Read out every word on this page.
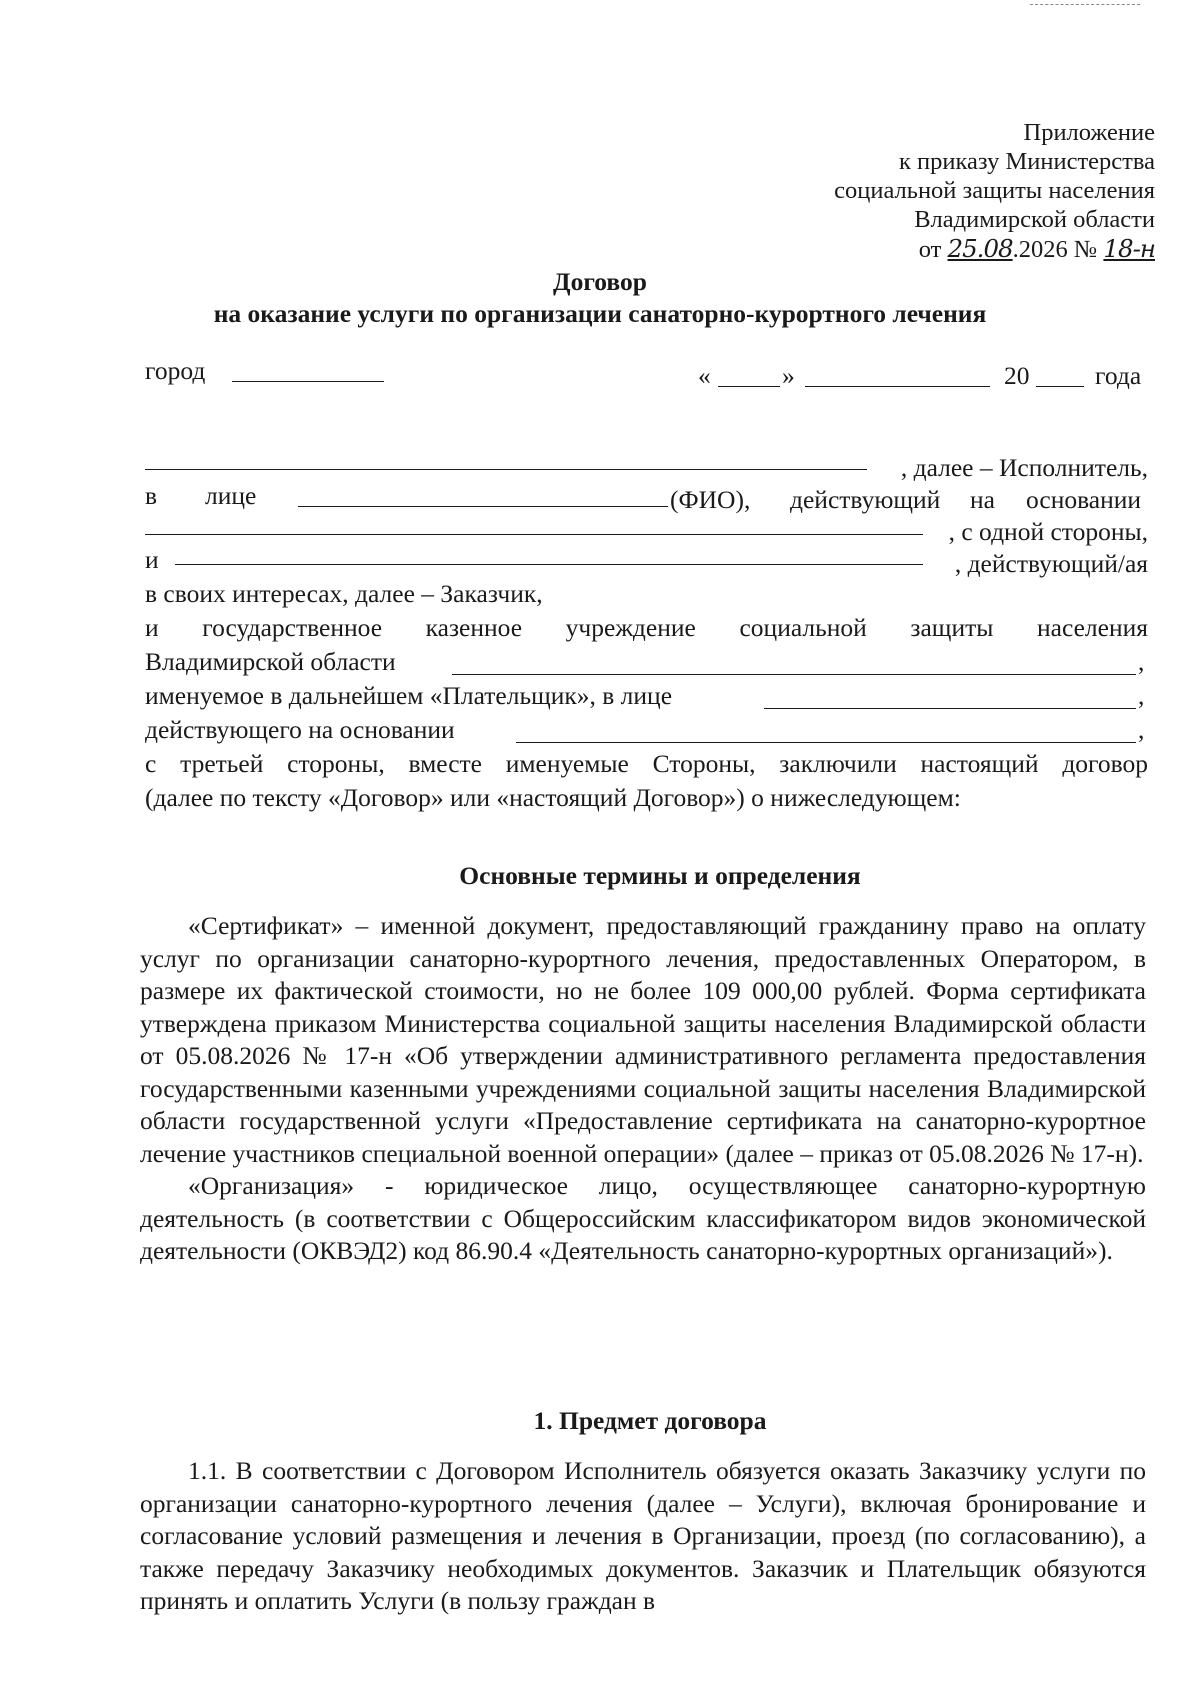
Приложение
к приказу Министерства
социальной защиты населения
Владимирской области
от 25.08.2026 № 18-н
Договор
на оказание услуги по организации санаторно-курортного лечения
город	«	»	20	года
, далее – Исполнитель,
в лице	(ФИО), действующий на основании
, с одной стороны,
и	, действующий/ая
в своих интересах, далее – Заказчик,
и государственное казенное учреждение социальной защиты населения
Владимирской области	,
именуемое в дальнейшем «Плательщик», в лице	,
действующего на основании	,
с третьей стороны, вместе именуемые Стороны, заключили настоящий договор
(далее по тексту «Договор» или «настоящий Договор») о нижеследующем:
Основные термины и определения

«Сертификат» – именной документ, предоставляющий гражданину право на оплату услуг по организации санаторно-курортного лечения, предоставленных Оператором, в размере их фактической стоимости, но не более 109 000,00 рублей. Форма сертификата утверждена приказом Министерства социальной защиты населения Владимирской области от 05.08.2026 № 17-н «Об утверждении административного регламента предоставления государственными казенными учреждениями социальной защиты населения Владимирской области государственной услуги «Предоставление сертификата на санаторно-курортное лечение участников специальной военной операции» (далее – приказ от 05.08.2026 № 17-н).

«Организация» - юридическое лицо, осуществляющее санаторно-курортную деятельность (в соответствии с Общероссийским классификатором видов экономической деятельности (ОКВЭД2) код 86.90.4 «Деятельность санаторно-курортных организаций»).

1. Предмет договора

1.1. В соответствии с Договором Исполнитель обязуется оказать Заказчику услуги по организации санаторно-курортного лечения (далее – Услуги), включая бронирование и согласование условий размещения и лечения в Организации, проезд (по согласованию), а также передачу Заказчику необходимых документов. Заказчик и Плательщик обязуются принять и оплатить Услуги (в пользу граждан в
